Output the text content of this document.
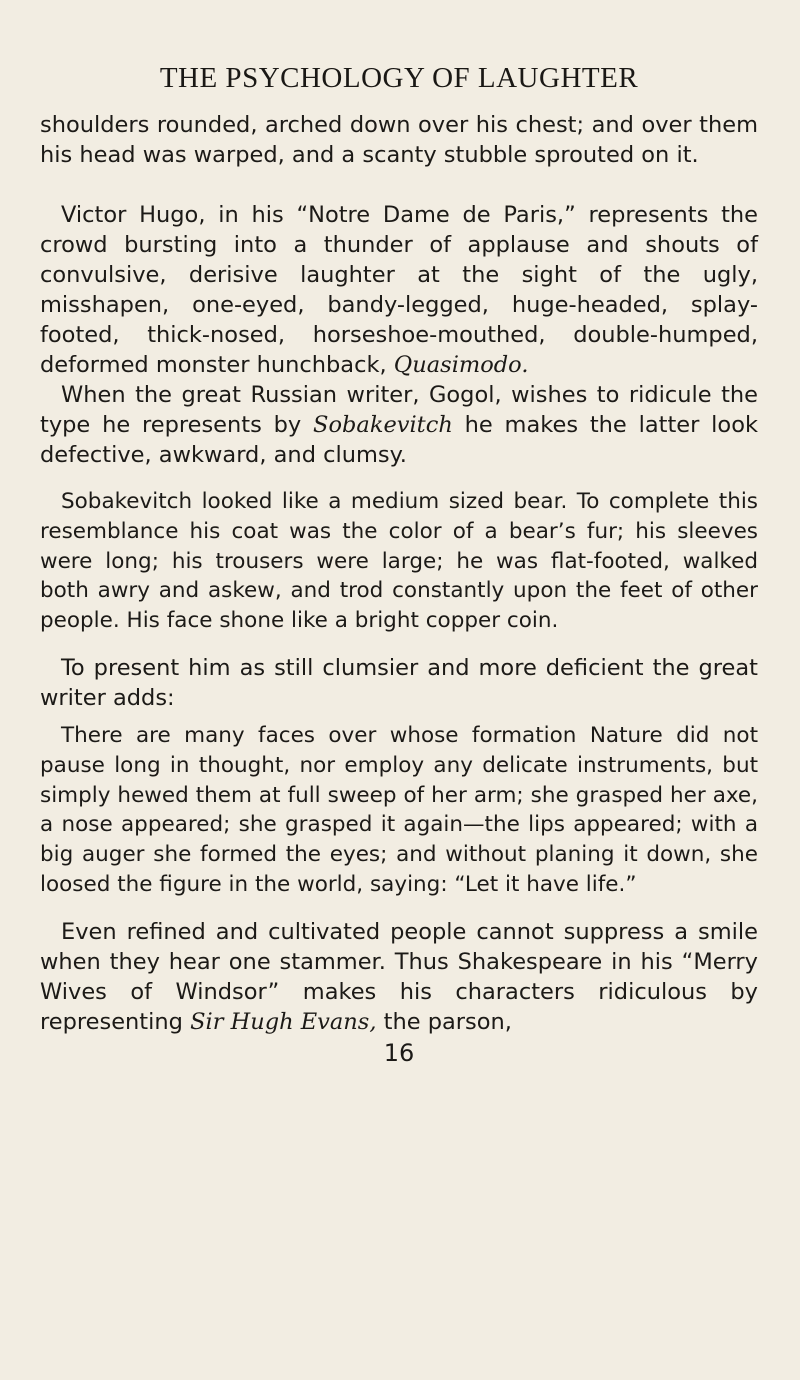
THE PSYCHOLOGY OF LAUGHTER

shoulders rounded, arched down over his chest; and over them his head was warped, and a scanty stubble sprouted on it.

Victor Hugo, in his “Notre Dame de Paris,” represents the crowd bursting into a thunder of applause and shouts of convulsive, derisive laughter at the sight of the ugly, misshapen, one-eyed, bandy-legged, huge-headed, splay-footed, thick-nosed, horseshoe-mouthed, double-humped, deformed monster hunchback, Quasimodo.

When the great Russian writer, Gogol, wishes to ridicule the type he represents by Sobakevitch he makes the latter look defective, awkward, and clumsy.

Sobakevitch looked like a medium sized bear. To complete this resemblance his coat was the color of a bear’s fur; his sleeves were long; his trousers were large; he was flat-footed, walked both awry and askew, and trod constantly upon the feet of other people. His face shone like a bright copper coin.

To present him as still clumsier and more deficient the great writer adds:

There are many faces over whose formation Nature did not pause long in thought, nor employ any delicate instruments, but simply hewed them at full sweep of her arm; she grasped her axe, a nose appeared; she grasped it again—the lips appeared; with a big auger she formed the eyes; and without planing it down, she loosed the figure in the world, saying: “Let it have life.”

Even refined and cultivated people cannot suppress a smile when they hear one stammer. Thus Shakespeare in his “Merry Wives of Windsor” makes his characters ridiculous by representing Sir Hugh Evans, the parson,

16
